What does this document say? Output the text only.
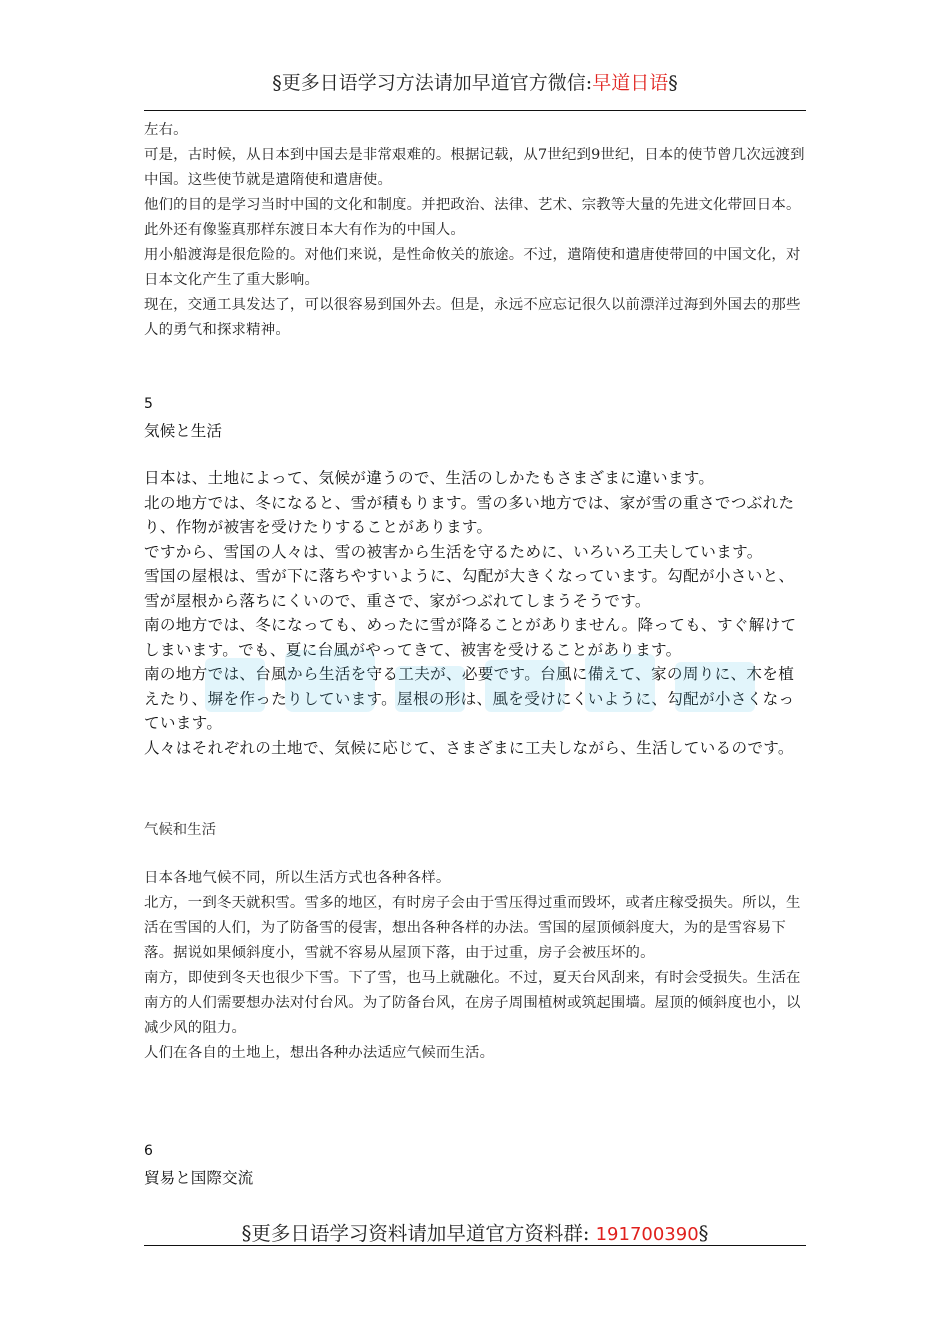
§更多日语学习方法请加早道官方微信:早道日语§

左右。

可是，古时候，从日本到中国去是非常艰难的。根据记载，从7世纪到9世纪，日本的使节曾几次远渡到中国。这些使节就是遣隋使和遣唐使。

他们的目的是学习当时中国的文化和制度。并把政治、法律、艺术、宗教等大量的先进文化带回日本。此外还有像鉴真那样东渡日本大有作为的中国人。

用小船渡海是很危险的。对他们来说，是性命攸关的旅途。不过，遣隋使和遣唐使带回的中国文化，对日本文化产生了重大影响。

现在，交通工具发达了，可以很容易到国外去。但是，永远不应忘记很久以前漂洋过海到外国去的那些人的勇气和探求精神。

5
気候と生活

日本は、土地によって、気候が違うので、生活のしかたもさまざまに違います。

北の地方では、冬になると、雪が積もります。雪の多い地方では、家が雪の重さでつぶれたり、作物が被害を受けたりすることがあります。

ですから、雪国の人々は、雪の被害から生活を守るために、いろいろ工夫しています。

雪国の屋根は、雪が下に落ちやすいように、勾配が大きくなっています。勾配が小さいと、雪が屋根から落ちにくいので、重さで、家がつぶれてしまうそうです。

南の地方では、冬になっても、めったに雪が降ることがありません。降っても、すぐ解けてしまいます。でも、夏に台風がやってきて、被害を受けることがあります。

南の地方では、台風から生活を守る工夫が、必要です。台風に備えて、家の周りに、木を植えたり、塀を作ったりしています。屋根の形は、風を受けにくいように、勾配が小さくなっています。

人々はそれぞれの土地で、気候に応じて、さまざまに工夫しながら、生活しているのです。

气候和生活

日本各地气候不同，所以生活方式也各种各样。

北方，一到冬天就积雪。雪多的地区，有时房子会由于雪压得过重而毁坏，或者庄稼受损失。所以，生活在雪国的人们，为了防备雪的侵害，想出各种各样的办法。雪国的屋顶倾斜度大，为的是雪容易下落。据说如果倾斜度小，雪就不容易从屋顶下落，由于过重，房子会被压坏的。

南方，即使到冬天也很少下雪。下了雪，也马上就融化。不过，夏天台风刮来，有时会受损失。生活在南方的人们需要想办法对付台风。为了防备台风，在房子周围植树或筑起围墙。屋顶的倾斜度也小，以减少风的阻力。

人们在各自的土地上，想出各种办法适应气候而生活。

6
貿易と国際交流
§更多日语学习资料请加早道官方资料群: 191700390§
